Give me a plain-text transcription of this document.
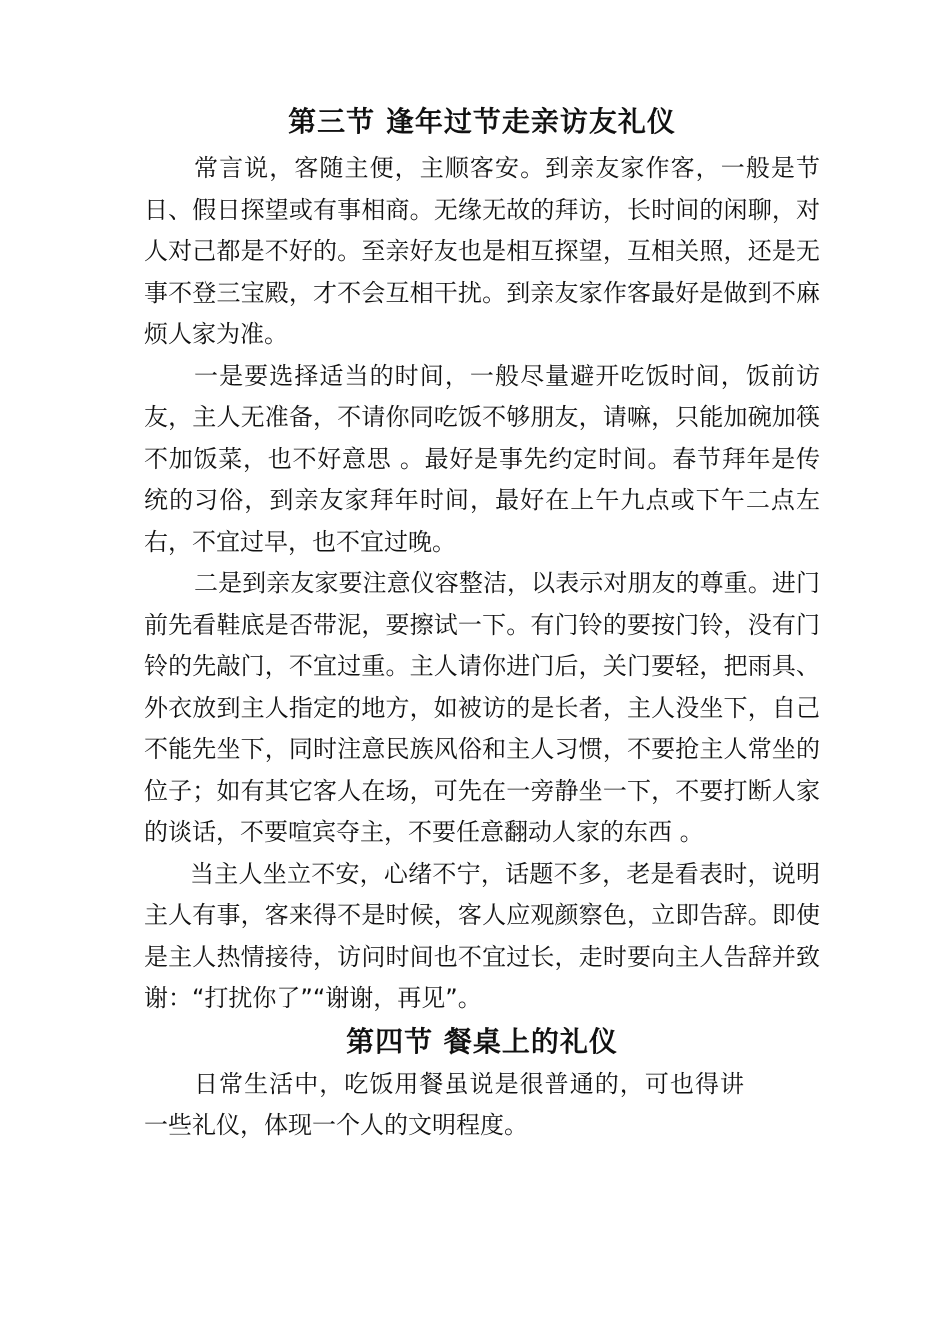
第三节 逢年过节走亲访友礼仪

常言说，客随主便，主顺客安。到亲友家作客，一般是节日、假日探望或有事相商。无缘无故的拜访，长时间的闲聊，对人对己都是不好的。至亲好友也是相互探望，互相关照，还是无事不登三宝殿，才不会互相干扰。到亲友家作客最好是做到不麻烦人家为准。

一是要选择适当的时间，一般尽量避开吃饭时间，饭前访友，主人无准备，不请你同吃饭不够朋友，请嘛，只能加碗加筷不加饭菜，也不好意思 。最好是事先约定时间。春节拜年是传统的习俗，到亲友家拜年时间，最好在上午九点或下午二点左右，不宜过早，也不宜过晚。

二是到亲友家要注意仪容整洁，以表示对朋友的尊重。进门前先看鞋底是否带泥，要擦试一下。有门铃的要按门铃，没有门铃的先敲门，不宜过重。主人请你进门后，关门要轻，把雨具、外衣放到主人指定的地方，如被访的是长者，主人没坐下，自己不能先坐下，同时注意民族风俗和主人习惯，不要抢主人常坐的位子；如有其它客人在场，可先在一旁静坐一下，不要打断人家的谈话，不要喧宾夺主，不要任意翻动人家的东西 。

当主人坐立不安，心绪不宁，话题不多，老是看表时，说明主人有事，客来得不是时候，客人应观颜察色，立即告辞。即使是主人热情接待，访问时间也不宜过长，走时要向主人告辞并致谢：“打扰你了”“谢谢，再见”。

第四节 餐桌上的礼仪

日常生活中，吃饭用餐虽说是很普通的，可也得讲一些礼仪，体现一个人的文明程度。
